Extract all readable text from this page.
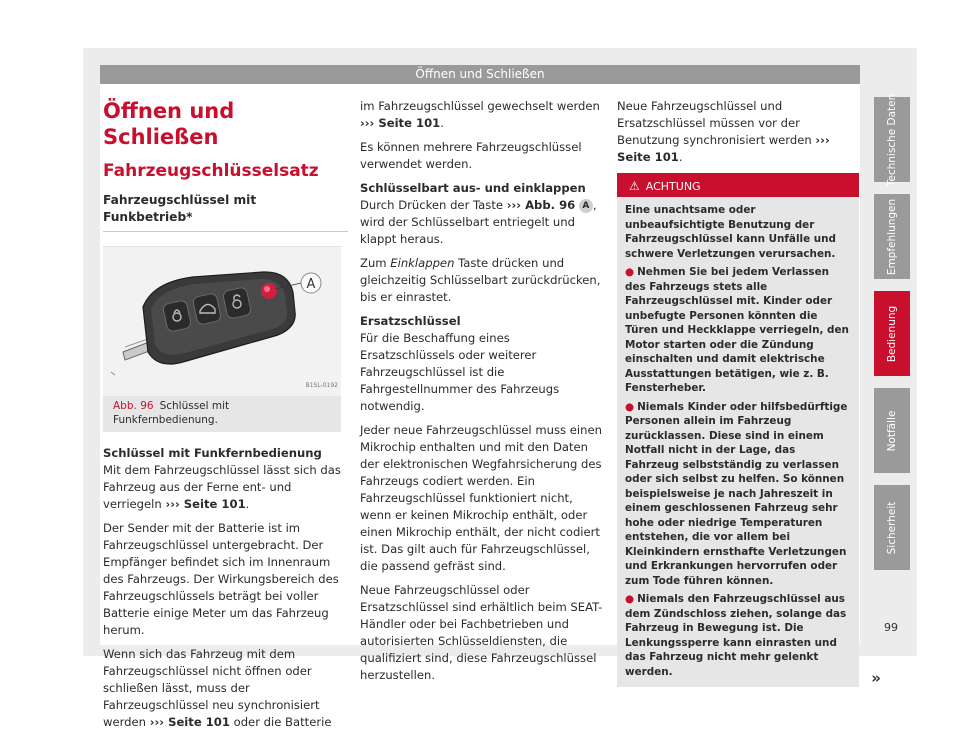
Öffnen und Schließen
Öffnen und Schließen
Fahrzeugschlüsselsatz
Fahrzeugschlüssel mit Funkbetrieb*
A
B1SL-0192
Abb. 96 Schlüssel mit Funkfernbedienung.
Schlüssel mit Funkfernbedienung
Mit dem Fahrzeugschlüssel lässt sich das Fahrzeug aus der Ferne ent- und verriegeln ››› Seite 101.
Der Sender mit der Batterie ist im Fahrzeugschlüssel untergebracht. Der Empfänger befindet sich im Innenraum des Fahrzeugs. Der Wirkungsbereich des Fahrzeugschlüssels beträgt bei voller Batterie einige Meter um das Fahrzeug herum.
Wenn sich das Fahrzeug mit dem Fahrzeugschlüssel nicht öffnen oder schließen lässt, muss der Fahrzeugschlüssel neu synchronisiert werden ››› Seite 101 oder die Batterie
im Fahrzeugschlüssel gewechselt werden ››› Seite 101.
Es können mehrere Fahrzeugschlüssel verwendet werden.
Schlüsselbart aus- und einklappen
Durch Drücken der Taste ››› Abb. 96 A , wird der Schlüsselbart entriegelt und klappt heraus.
Zum Einklappen Taste drücken und gleichzeitig Schlüsselbart zurückdrücken, bis er einrastet.
Ersatzschlüssel
Für die Beschaffung eines Ersatzschlüssels oder weiterer Fahrzeugschlüssel ist die Fahrgestellnummer des Fahrzeugs notwendig.
Jeder neue Fahrzeugschlüssel muss einen Mikrochip enthalten und mit den Daten der elektronischen Wegfahrsicherung des Fahrzeugs codiert werden. Ein Fahrzeugschlüssel funktioniert nicht, wenn er keinen Mikrochip enthält, oder einen Mikrochip enthält, der nicht codiert ist. Das gilt auch für Fahrzeugschlüssel, die passend gefräst sind.
Neue Fahrzeugschlüssel oder Ersatzschlüssel sind erhältlich beim SEAT-Händler oder bei Fachbetrieben und autorisierten Schlüsseldiensten, die qualifiziert sind, diese Fahrzeugschlüssel herzustellen.
Neue Fahrzeugschlüssel und Ersatzschlüssel müssen vor der Benutzung synchronisiert werden ››› Seite 101.
⚠ ACHTUNG
Eine unachtsame oder unbeaufsichtigte Benutzung der Fahrzeugschlüssel kann Unfälle und schwere Verletzungen verursachen.
● Nehmen Sie bei jedem Verlassen des Fahrzeugs stets alle Fahrzeugschlüssel mit. Kinder oder unbefugte Personen könnten die Türen und Heckklappe verriegeln, den Motor starten oder die Zündung einschalten und damit elektrische Ausstattungen betätigen, wie z. B. Fensterheber.
● Niemals Kinder oder hilfsbedürftige Personen allein im Fahrzeug zurücklassen. Diese sind in einem Notfall nicht in der Lage, das Fahrzeug selbstständig zu verlassen oder sich selbst zu helfen. So können beispielsweise je nach Jahreszeit in einem geschlossenen Fahrzeug sehr hohe oder niedrige Temperaturen entstehen, die vor allem bei Kleinkindern ernsthafte Verletzungen und Erkrankungen hervorrufen oder zum Tode führen können.
● Niemals den Fahrzeugschlüssel aus dem Zündschloss ziehen, solange das Fahrzeug in Bewegung ist. Die Lenkungssperre kann einrasten und das Fahrzeug nicht mehr gelenkt werden.	»
Technische Daten
Empfehlungen
Bedienung
Notfälle
Sicherheit
99
